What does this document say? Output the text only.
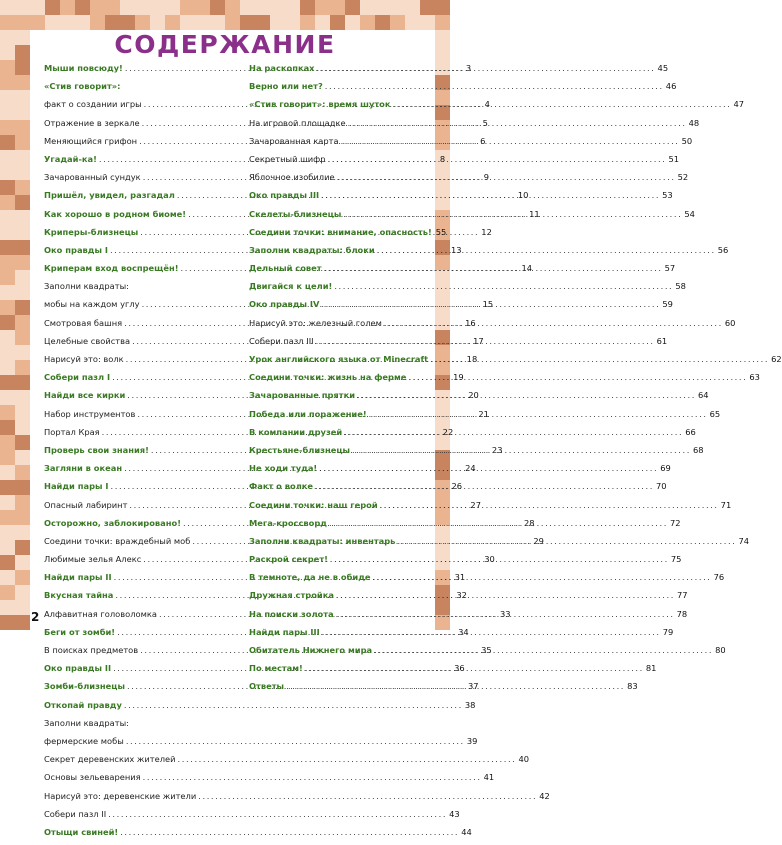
СОДЕРЖАНИЕ
Мыши повсюду! .....	3
«Стив говорит»:
факт о создании игры .....	4
Отражение в зеркале .....	5
Меняющийся грифон .....	6
Угадай-ка! .....	8
Зачарованный сундук .....	9
Пришёл, увидел, разгадал .....	10
Как хорошо в родном биоме! .....	11
Криперы-близнецы .....	12
Око правды I .....	13
Криперам вход воспрещён! .....	14
Заполни квадраты:
мобы на каждом углу .....	15
Смотровая башня .....	16
Целебные свойства .....	17
Нарисуй это: волк .....	18
Собери пазл I .....	19
Найди все кирки .....	20
Набор инструментов .....	21
Портал Края .....	22
Проверь свои знания! .....	23
Загляни в океан .....	24
Найди пары I .....	26
Опасный лабиринт .....	27
Осторожно, заблокировано! .....	28
Соедини точки: враждебный моб .....	29
Любимые зелья Алекс .....	30
Найди пары II .....	31
Вкусная тайна .....	32
Алфавитная головоломка .....	33
Беги от зомби! .....	34
В поисках предметов .....	35
Око правды II .....	36
Зомби-близнецы .....	37
Откопай правду .....	38
Заполни квадраты:
фермерские мобы .....	39
Секрет деревенских жителей .....	40
Основы зельеварения .....	41
Нарисуй это: деревенские жители .....	42
Собери пазл II .....	43
Отыщи свиней! .....	44
На раскопках .....	45
Верно или нет? .....	46
«Стив говорит»: время шуток .....	47
На игровой площадке .....	48
Зачарованная карта .....	50
Секретный шифр .....	51
Яблочное изобилие .....	52
Око правды III .....	53
Скелеты-близнецы .....	54
Соедини точки: внимание, опасность! 55
Заполни квадраты: блоки .....	56
Дельный совет .....	57
Двигайся к цели! .....	58
Око правды IV .....	59
Нарисуй это: железный голем .....	60
Собери пазл III .....	61
Урок английского языка от Minecraft .....	62
Соедини точки: жизнь на ферме .....	63
Зачарованные прятки .....	64
Победа или поражение! .....	65
В компании друзей .....	66
Крестьяне-близнецы .....	68
Не ходи туда! .....	69
Факт о волке .....	70
Соедини точки: наш герой .....	71
Мега-кроссворд .....	72
Заполни квадраты: инвентарь .....	74
Раскрой секрет! .....	75
В темноте, да не в обиде .....	76
Дружная стройка .....	77
На поиски золота .....	78
Найди пары III .....	79
Обитатель Нижнего мира .....	80
По местам! .....	81
Ответы .....	83
2
